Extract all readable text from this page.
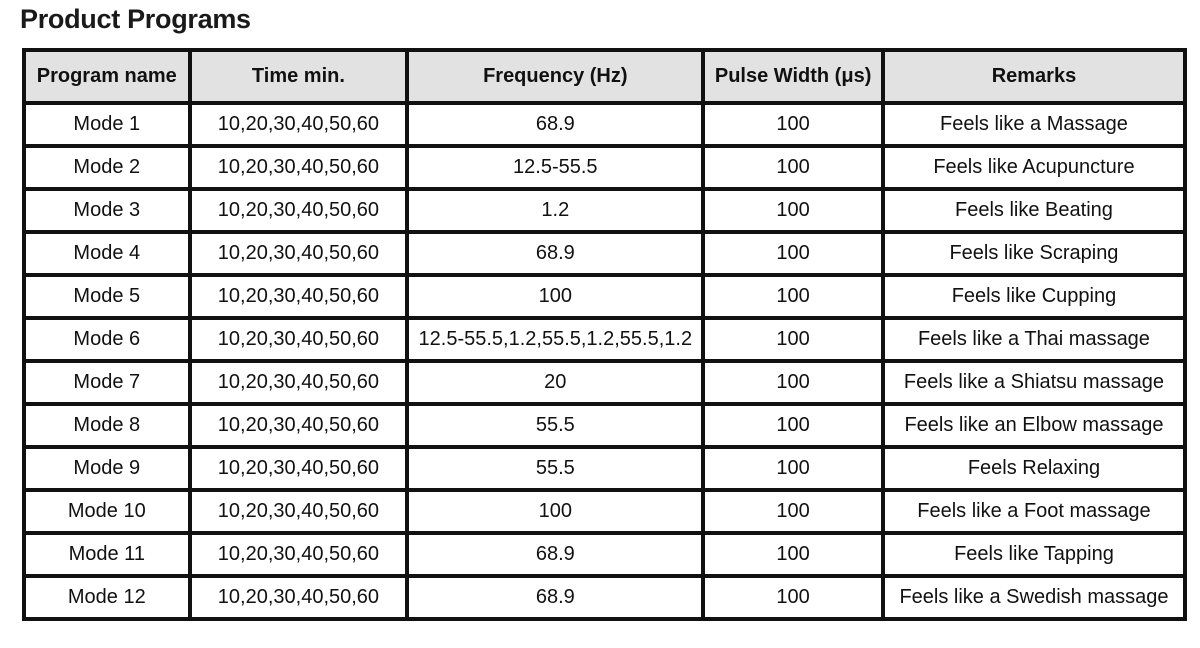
Product Programs
Program name	Time min.	Frequency (Hz)	Pulse Width (μs)	Remarks
Mode 1	10,20,30,40,50,60	68.9	100	Feels like a Massage
Mode 2	10,20,30,40,50,60	12.5-55.5	100	Feels like Acupuncture
Mode 3	10,20,30,40,50,60	1.2	100	Feels like Beating
Mode 4	10,20,30,40,50,60	68.9	100	Feels like Scraping
Mode 5	10,20,30,40,50,60	100	100	Feels like Cupping
Mode 6	10,20,30,40,50,60	12.5-55.5,1.2,55.5,1.2,55.5,1.2	100	Feels like a Thai massage
Mode 7	10,20,30,40,50,60	20	100	Feels like a Shiatsu massage
Mode 8	10,20,30,40,50,60	55.5	100	Feels like an Elbow massage
Mode 9	10,20,30,40,50,60	55.5	100	Feels Relaxing
Mode 10	10,20,30,40,50,60	100	100	Feels like a Foot massage
Mode 11	10,20,30,40,50,60	68.9	100	Feels like Tapping
Mode 12	10,20,30,40,50,60	68.9	100	Feels like a Swedish massage
